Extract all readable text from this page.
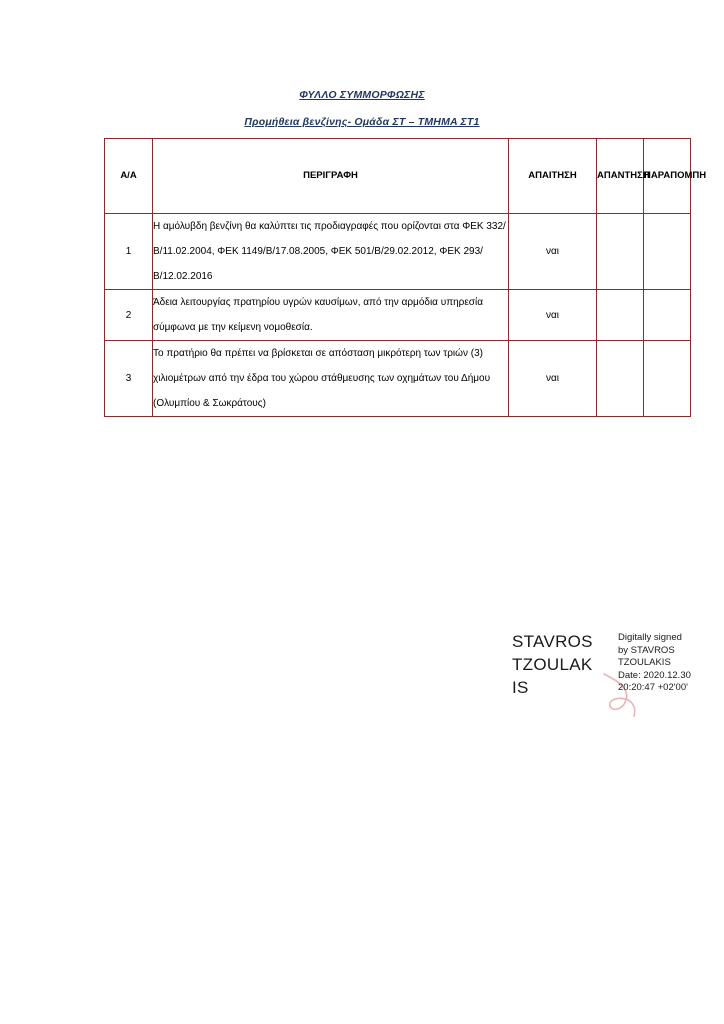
ΦΥΛΛΟ ΣΥΜΜΟΡΦΩΣΗΣ
Προμήθεια βενζίνης- Ομάδα ΣΤ – ΤΜΗΜΑ ΣΤ1
Α/Α	ΠΕΡΙΓΡΑΦΗ	ΑΠΑΙΤΗΣΗ	ΑΠΑΝΤΗΣΗ	ΠΑΡΑΠΟΜΠΗ
1	Η αμόλυβδη βενζίνη θα καλύπτει τις προδιαγραφές που ορίζονται στα ΦΕΚ 332/Β/11.02.2004, ΦΕΚ 1149/Β/17.08.2005, ΦΕΚ 501/Β/29.02.2012, ΦΕΚ 293/Β/12.02.2016	ναι		
2	Άδεια λειτουργίας πρατηρίου υγρών καυσίμων, από την αρμόδια υπηρεσία σύμφωνα με την κείμενη νομοθεσία.	ναι		
3	Το πρατήριο θα πρέπει να βρίσκεται σε απόσταση μικρότερη των τριών (3) χιλιομέτρων από την έδρα του χώρου στάθμευσης των οχημάτων του Δήμου (Ολυμπίου & Σωκράτους)	ναι		
STAVROS
TZOULAK
IS
Digitally signed
by STAVROS
TZOULAKIS
Date: 2020.12.30
20:20:47 +02'00'
